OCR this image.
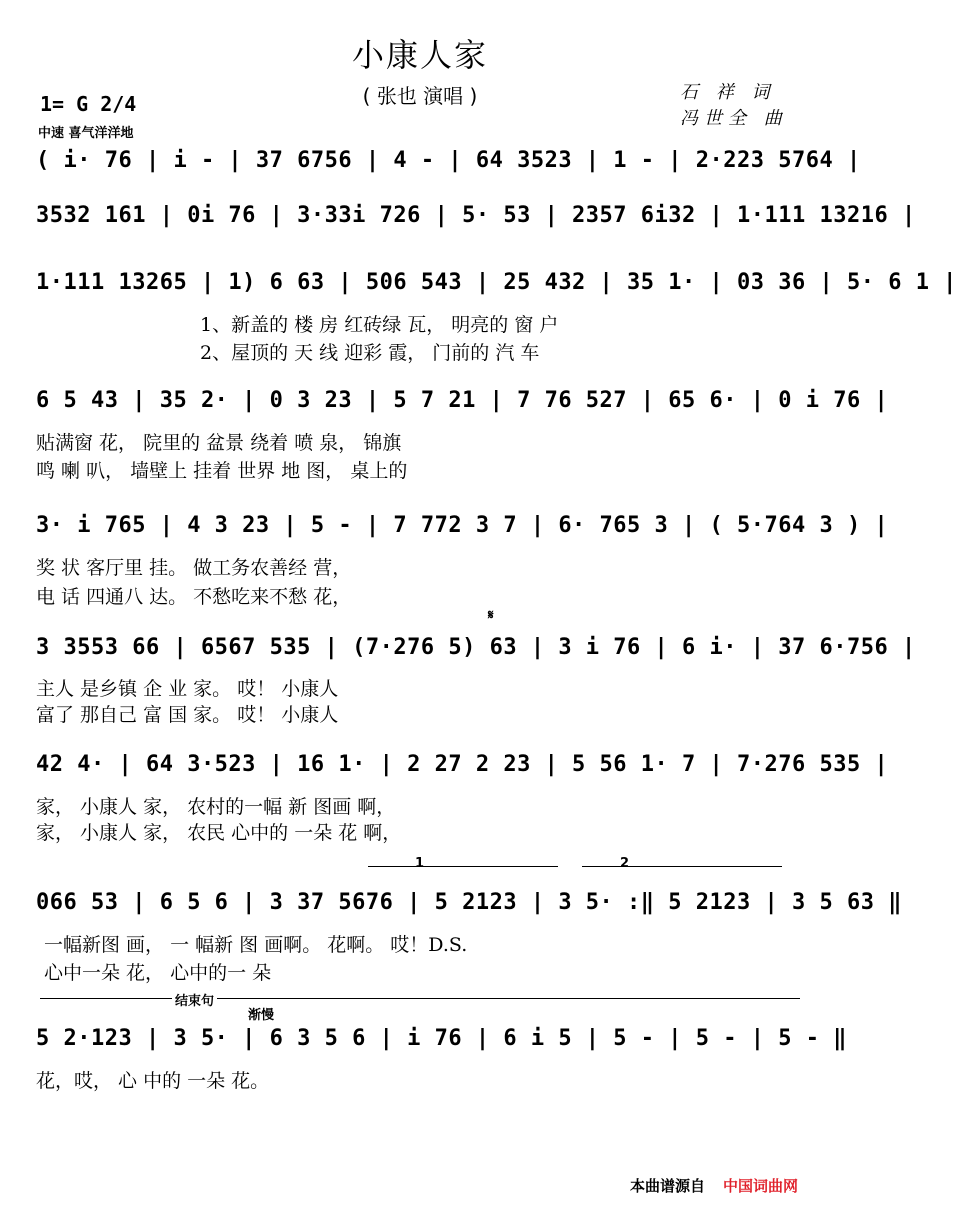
小康人家
( 张也 演唱 )
1= G 2/4
中速 喜气洋洋地
石 祥 词
冯世全 曲
( i· 76 | i - | 37 6756 | 4 - | 64 3523 | 1 - | 2·223 5764 |
3532 161 | 0i 76 | 3·33i 726 | 5· 53 | 2357 6i32 | 1·111 13216 |
1·111 13265 | 1) 6 63 | 506 543 | 25 432 | 35 1· | 03 36 | 5· 6 1 |
1、新盖的 楼 房 红砖绿 瓦， 明亮的 窗 户
2、屋顶的 天 线 迎彩 霞， 门前的 汽 车
6 5 43 | 35 2· | 0 3 23 | 5 7 21 | 7 76 527 | 65 6· | 0 i 76 |
贴满窗 花， 院里的 盆景 绕着 喷 泉， 锦旗
鸣 喇 叭， 墙壁上 挂着 世界 地 图， 桌上的
3· i 765 | 4 3 23 | 5 - | 7 772 3 7 | 6· 765 3 | ( 5·764 3 ) |
奖 状 客厅里 挂。 做工务农善经 营，
电 话 四通八 达。 不愁吃来不愁 花，
𝄋
3 3553 66 | 6567 535 | (7·276 5) 63 | 3 i 76 | 6 i· | 37 6·756 |
主人 是乡镇 企 业 家。 哎！ 小康人
富了 那自己 富 国 家。 哎！ 小康人
42 4· | 64 3·523 | 16 1· | 2 27 2 23 | 5 56 1· 7 | 7·276 535 |
家， 小康人 家， 农村的一幅 新 图画 啊，
家， 小康人 家， 农民 心中的 一朵 花 啊，
1	2
066 53 | 6 5 6 | 3 37 5676 | 5 2123 | 3 5· :‖ 5 2123 | 3 5 63 ‖
一幅新图 画， 一 幅新 图 画啊。 花啊。 哎！D.S.
心中一朵 花， 心中的一 朵
结束句
渐慢
5 2·123 | 3 5· | 6 3 5 6 | i 76 | 6 i 5 | 5 - | 5 - | 5 - ‖
花，哎， 心 中的 一朵 花。
本曲谱源自 中国词曲网
